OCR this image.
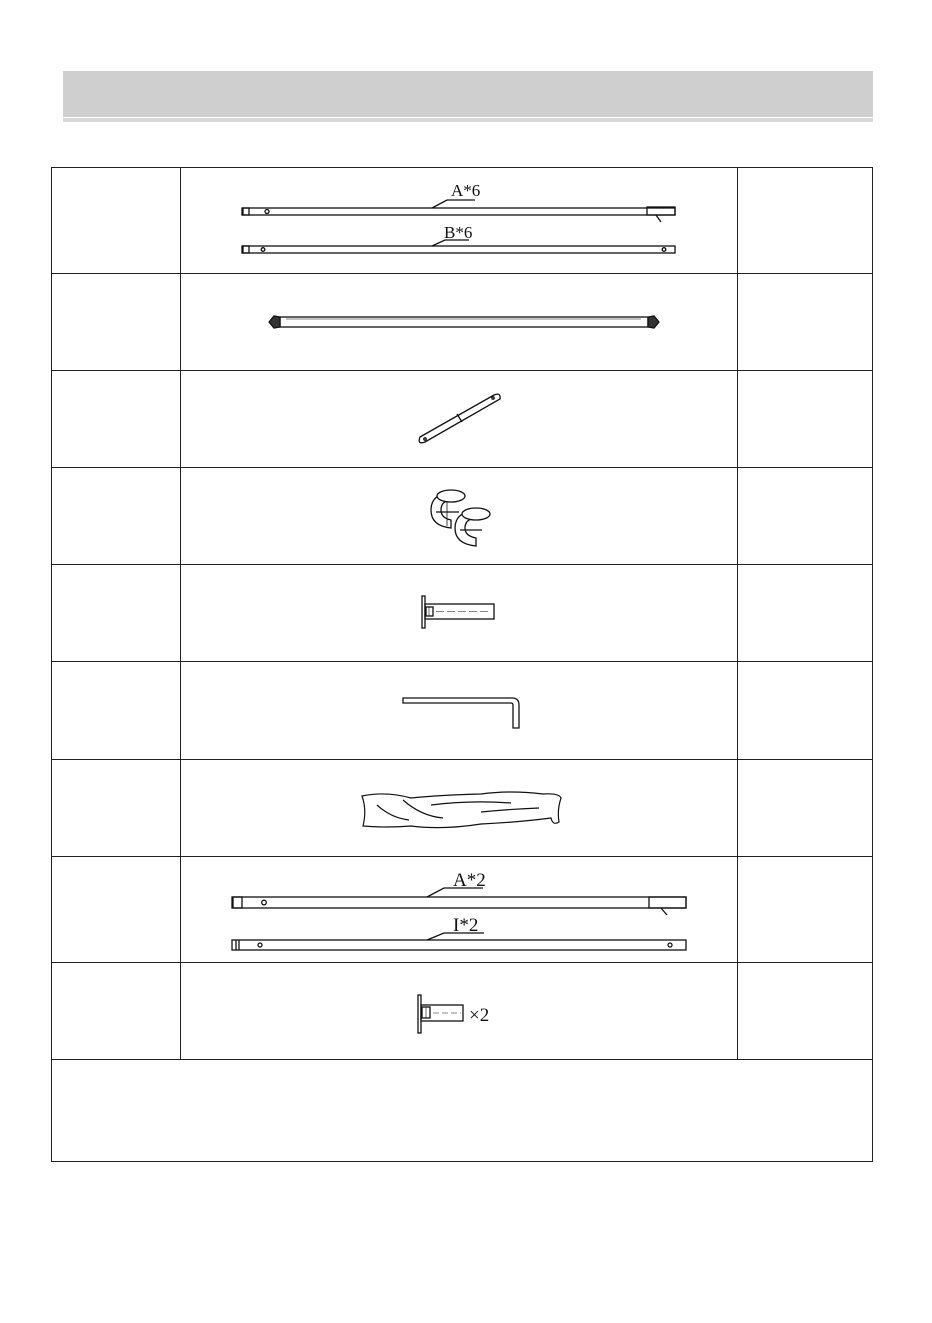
A*6
B*6
A*2
I*2
×2
